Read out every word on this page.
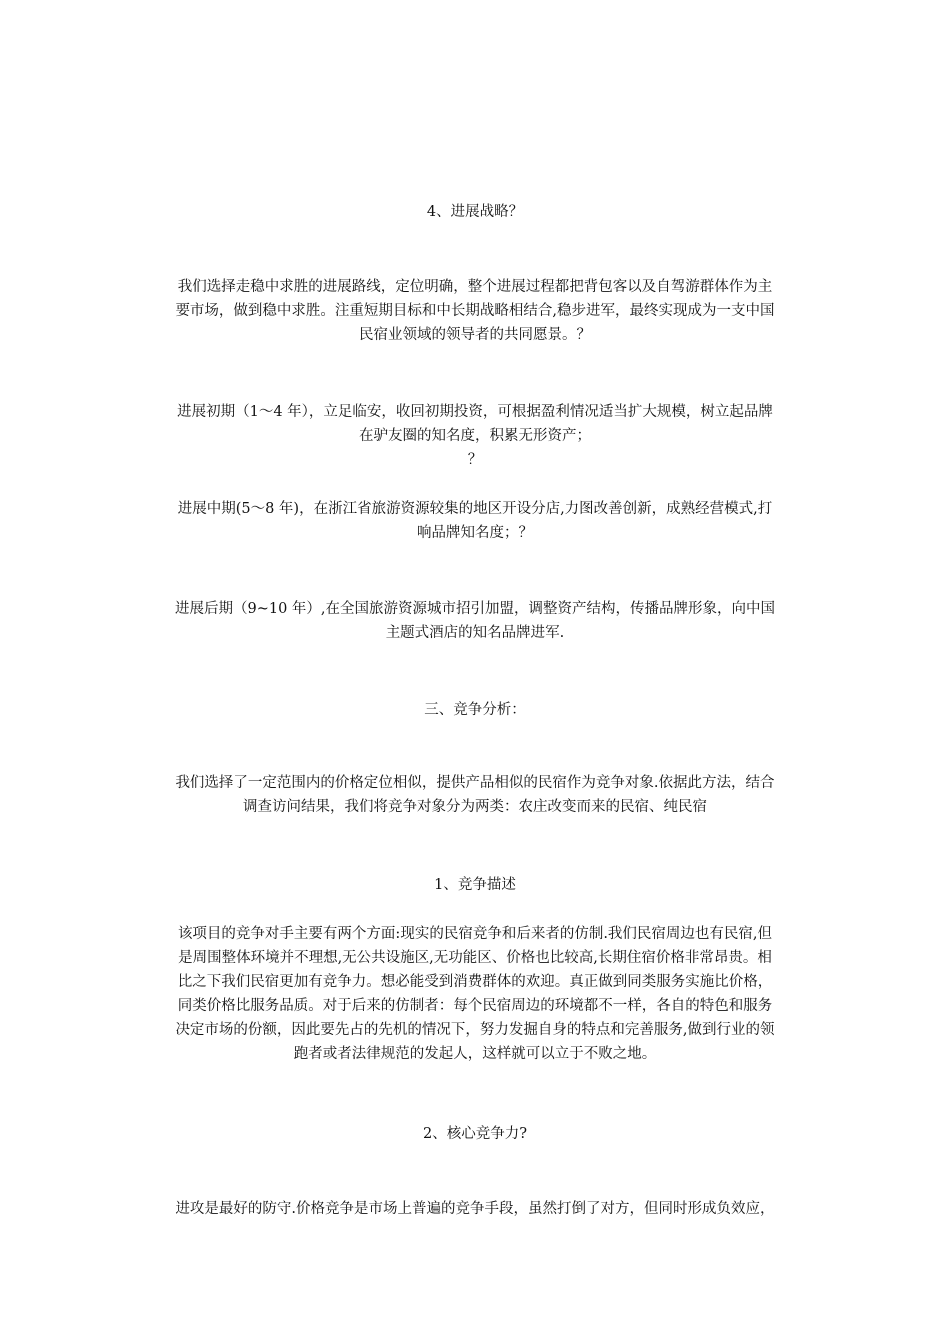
4、进展战略？
我们选择走稳中求胜的进展路线，定位明确，整个进展过程都把背包客以及自驾游群体作为主
要市场，做到稳中求胜。注重短期目标和中长期战略相结合,稳步进军，最终实现成为一支中国
民宿业领域的领导者的共同愿景。？
进展初期（1～4 年），立足临安，收回初期投资，可根据盈利情况适当扩大规模，树立起品牌
在驴友圈的知名度，积累无形资产；
？
进展中期(5～8 年)，在浙江省旅游资源较集的地区开设分店,力图改善创新，成熟经营模式,打
响品牌知名度；？
进展后期（9~10 年）,在全国旅游资源城市招引加盟，调整资产结构，传播品牌形象，向中国
主题式酒店的知名品牌进军.
三、竞争分析：
我们选择了一定范围内的价格定位相似，提供产品相似的民宿作为竞争对象.依据此方法，结合
调查访问结果，我们将竞争对象分为两类：农庄改变而来的民宿、纯民宿
1、竞争描述
该项目的竞争对手主要有两个方面:现实的民宿竞争和后来者的仿制.我们民宿周边也有民宿,但
是周围整体环境并不理想,无公共设施区,无功能区、价格也比较高,长期住宿价格非常昂贵。相
比之下我们民宿更加有竞争力。想必能受到消费群体的欢迎。真正做到同类服务实施比价格，
同类价格比服务品质。对于后来的仿制者：每个民宿周边的环境都不一样，各自的特色和服务
决定市场的份额，因此要先占的先机的情况下，努力发掘自身的特点和完善服务,做到行业的领
跑者或者法律规范的发起人，这样就可以立于不败之地。
2、核心竞争力?
进攻是最好的防守.价格竞争是市场上普遍的竞争手段，虽然打倒了对方，但同时形成负效应，
